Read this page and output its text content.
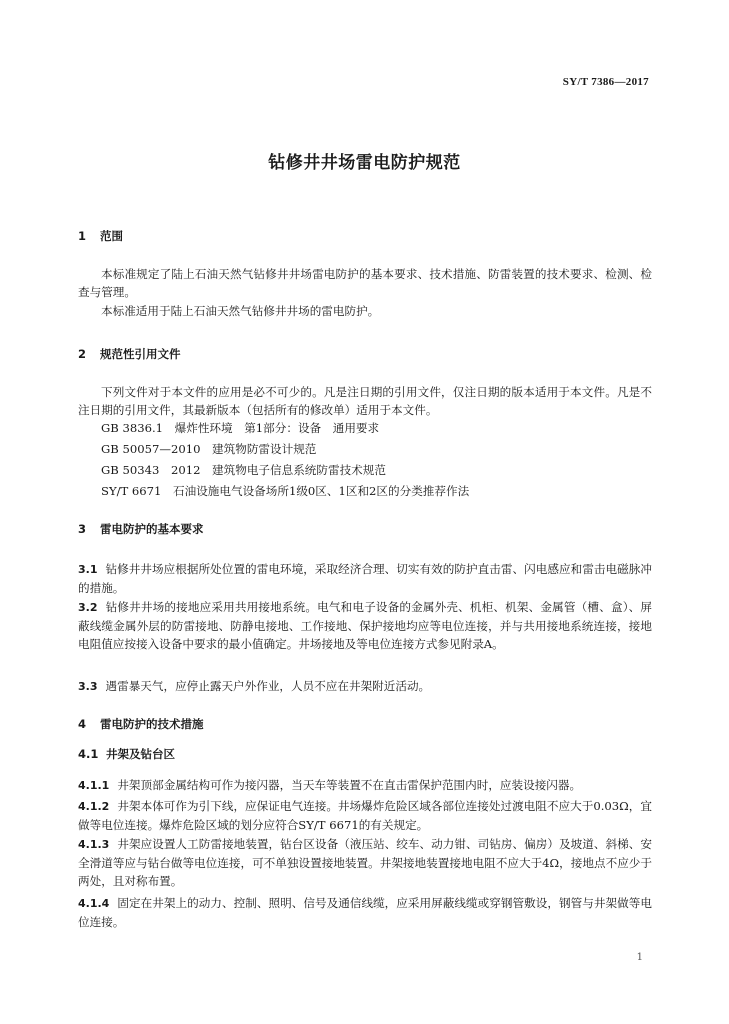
SY/T 7386—2017
钻修井井场雷电防护规范
1 范围

本标准规定了陆上石油天然气钻修井井场雷电防护的基本要求、技术措施、防雷装置的技术要求、检测、检查与管理。

本标准适用于陆上石油天然气钻修井井场的雷电防护。

2 规范性引用文件

下列文件对于本文件的应用是必不可少的。凡是注日期的引用文件，仅注日期的版本适用于本文件。凡是不注日期的引用文件，其最新版本（包括所有的修改单）适用于本文件。

GB 3836.1　爆炸性环境　第1部分：设备　通用要求
GB 50057—2010　建筑物防雷设计规范
GB 50343　2012　建筑物电子信息系统防雷技术规范
SY/T 6671　石油设施电气设备场所1级0区、1区和2区的分类推荐作法
3 雷电防护的基本要求

3.1 钻修井井场应根据所处位置的雷电环境，采取经济合理、切实有效的防护直击雷、闪电感应和雷击电磁脉冲的措施。

3.2 钻修井井场的接地应采用共用接地系统。电气和电子设备的金属外壳、机柜、机架、金属管（槽、盒）、屏蔽线缆金属外层的防雷接地、防静电接地、工作接地、保护接地均应等电位连接，并与共用接地系统连接，接地电阻值应按接入设备中要求的最小值确定。井场接地及等电位连接方式参见附录A。

3.3 遇雷暴天气，应停止露天户外作业，人员不应在井架附近活动。

4 雷电防护的技术措施
4.1 井架及钻台区

4.1.1 井架顶部金属结构可作为接闪器，当天车等装置不在直击雷保护范围内时，应装设接闪器。

4.1.2 井架本体可作为引下线，应保证电气连接。井场爆炸危险区域各部位连接处过渡电阻不应大于0.03Ω，宜做等电位连接。爆炸危险区域的划分应符合SY/T 6671的有关规定。

4.1.3 井架应设置人工防雷接地装置，钻台区设备（液压站、绞车、动力钳、司钻房、偏房）及坡道、斜梯、安全滑道等应与钻台做等电位连接，可不单独设置接地装置。井架接地装置接地电阻不应大于4Ω，接地点不应少于两处，且对称布置。

4.1.4 固定在井架上的动力、控制、照明、信号及通信线缆，应采用屏蔽线缆或穿钢管敷设，钢管与井架做等电位连接。

1
